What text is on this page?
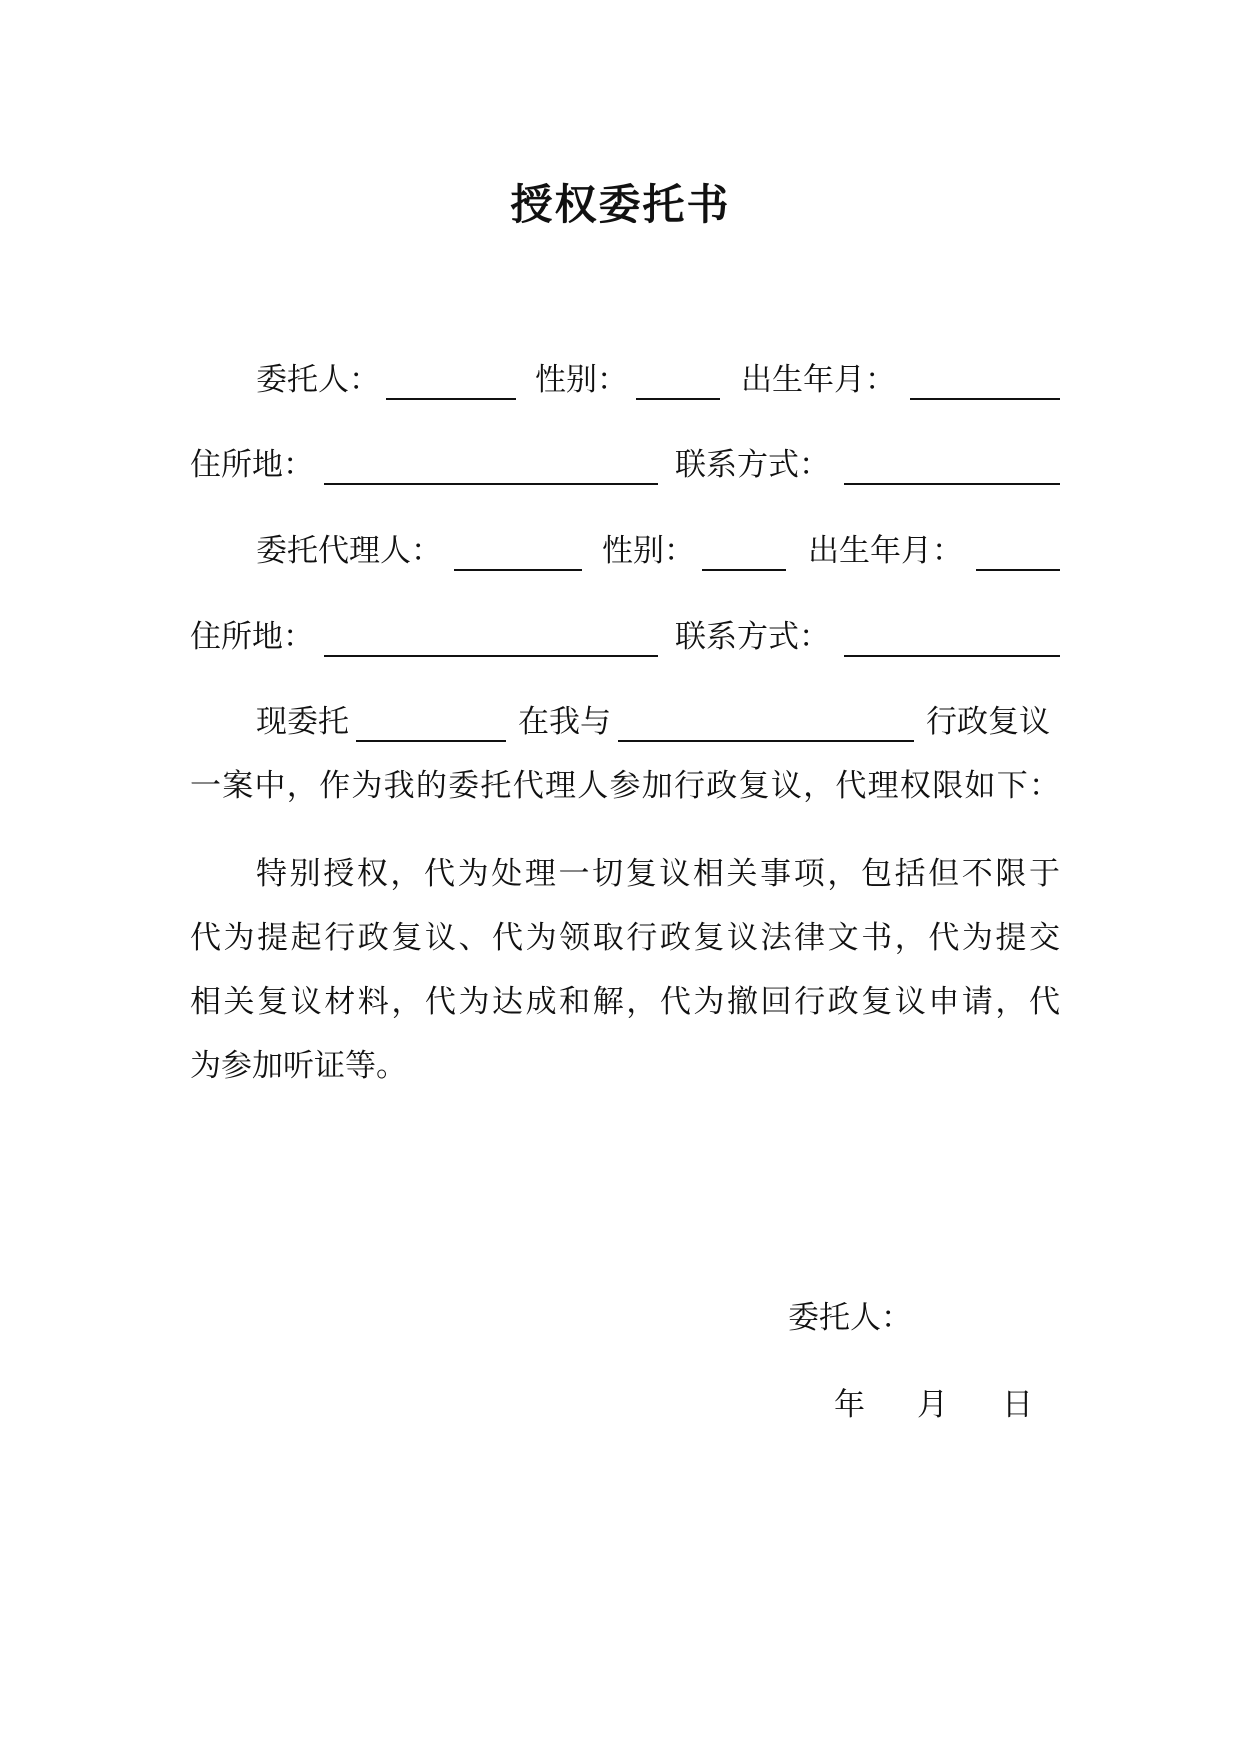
授权委托书
委托人：	性别：	出生年月：
住所地：	联系方式：
委托代理人：	性别：	出生年月：
住所地：	联系方式：
现委托	在我与	行政复议
一案中，作为我的委托代理人参加行政复议，代理权限如下：
特别授权，代为处理一切复议相关事项，包括但不限于
代为提起行政复议、代为领取行政复议法律文书，代为提交
相关复议材料，代为达成和解，代为撤回行政复议申请，代
为参加听证等。
委托人：
年 月 日
